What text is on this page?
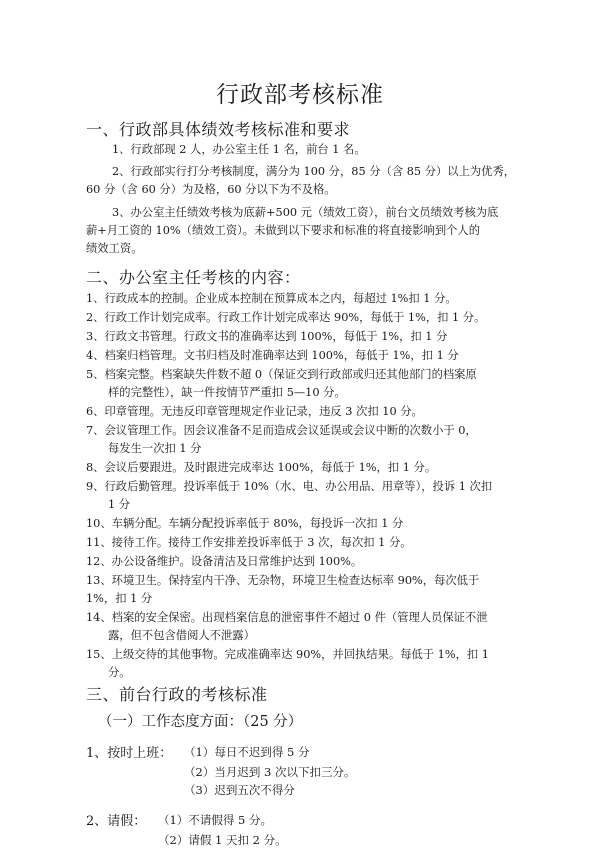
行政部考核标准
一、行政部具体绩效考核标准和要求
1、行政部现 2 人，办公室主任 1 名，前台 1 名。
2、行政部实行打分考核制度，满分为 100 分，85 分（含 85 分）以上为优秀，
60 分（含 60 分）为及格，60 分以下为不及格。
3、办公室主任绩效考核为底薪+500 元（绩效工资），前台文员绩效考核为底
薪+月工资的 10%（绩效工资）。未做到以下要求和标准的将直接影响到个人的
绩效工资。
二、办公室主任考核的内容：
1、行政成本的控制。企业成本控制在预算成本之内，每超过 1%扣 1 分。
2、行政工作计划完成率。行政工作计划完成率达 90%，每低于 1%，扣 1 分。
3、行政文书管理。行政文书的准确率达到 100%，每低于 1%，扣 1 分
4、档案归档管理。文书归档及时准确率达到 100%，每低于 1%，扣 1 分
5、档案完整。档案缺失件数不超 0（保证交到行政部或归还其他部门的档案原
样的完整性），缺一件按情节严重扣 5—10 分。
6、印章管理。无违反印章管理规定作业记录，违反 3 次扣 10 分。
7、会议管理工作。因会议准备不足而造成会议延误或会议中断的次数小于 0，
每发生一次扣 1 分
8、会议后要跟进。及时跟进完成率达 100%，每低于 1%，扣 1 分。
9、行政后勤管理。投诉率低于 10%（水、电、办公用品、用章等），投诉 1 次扣
1 分
10、车辆分配。车辆分配投诉率低于 80%，每投诉一次扣 1 分
11、接待工作。接待工作安排差投诉率低于 3 次，每次扣 1 分。
12、办公设备维护。设备清洁及日常维护达到 100%。
13、环境卫生。保持室内干净、无杂物，环境卫生检查达标率 90%，每次低于
1%，扣 1 分
14、档案的安全保密。出现档案信息的泄密事件不超过 0 件（管理人员保证不泄
露，但不包含借阅人不泄露）
15、上级交待的其他事物。完成准确率达 90%，并回执结果。每低于 1%，扣 1
分。
三、前台行政的考核标准
（一）工作态度方面：（25 分）
1、按时上班： （1）每日不迟到得 5 分
（2）当月迟到 3 次以下扣三分。
（3）迟到五次不得分
2、请假： （1）不请假得 5 分。
（2）请假 1 天扣 2 分。
